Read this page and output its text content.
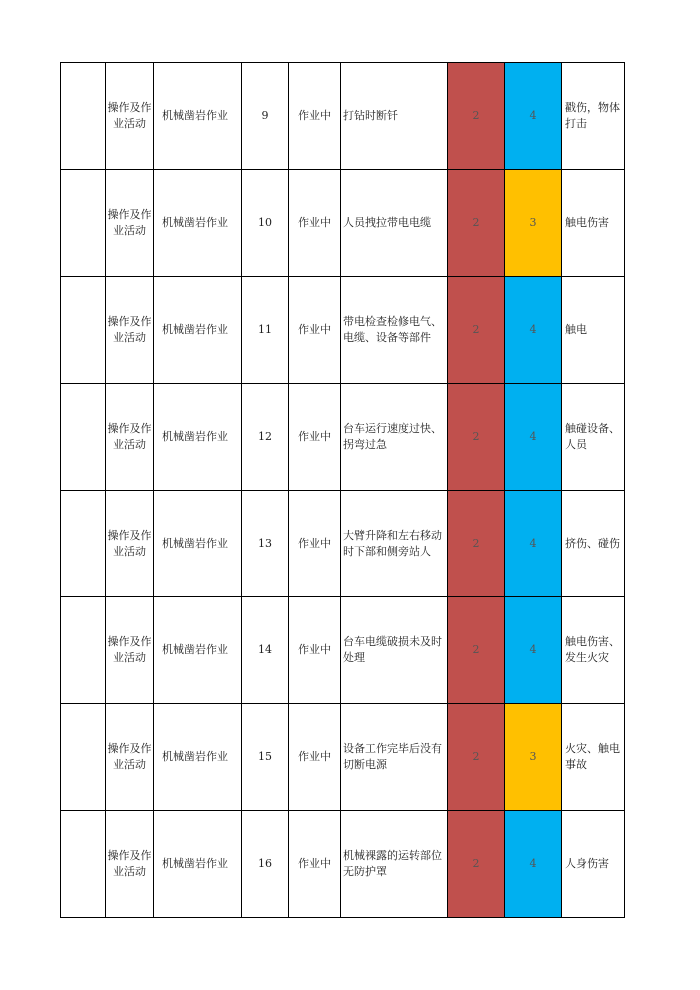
	操作及作业活动	机械凿岩作业	9	作业中	打钻时断钎	2	4	戳伤，物体打击

	操作及作业活动	机械凿岩作业	10	作业中	人员拽拉带电电缆	2	3	触电伤害

	操作及作业活动	机械凿岩作业	11	作业中	带电检查检修电气、电缆、设备等部件	2	4	触电

	操作及作业活动	机械凿岩作业	12	作业中	台车运行速度过快、拐弯过急	2	4	触碰设备、人员

	操作及作业活动	机械凿岩作业	13	作业中	大臂升降和左右移动时下部和侧旁站人	2	4	挤伤、碰伤

	操作及作业活动	机械凿岩作业	14	作业中	台车电缆破损未及时处理	2	4	触电伤害、发生火灾

	操作及作业活动	机械凿岩作业	15	作业中	设备工作完毕后没有切断电源	2	3	火灾、触电事故

	操作及作业活动	机械凿岩作业	16	作业中	机械裸露的运转部位无防护罩	2	4	人身伤害
